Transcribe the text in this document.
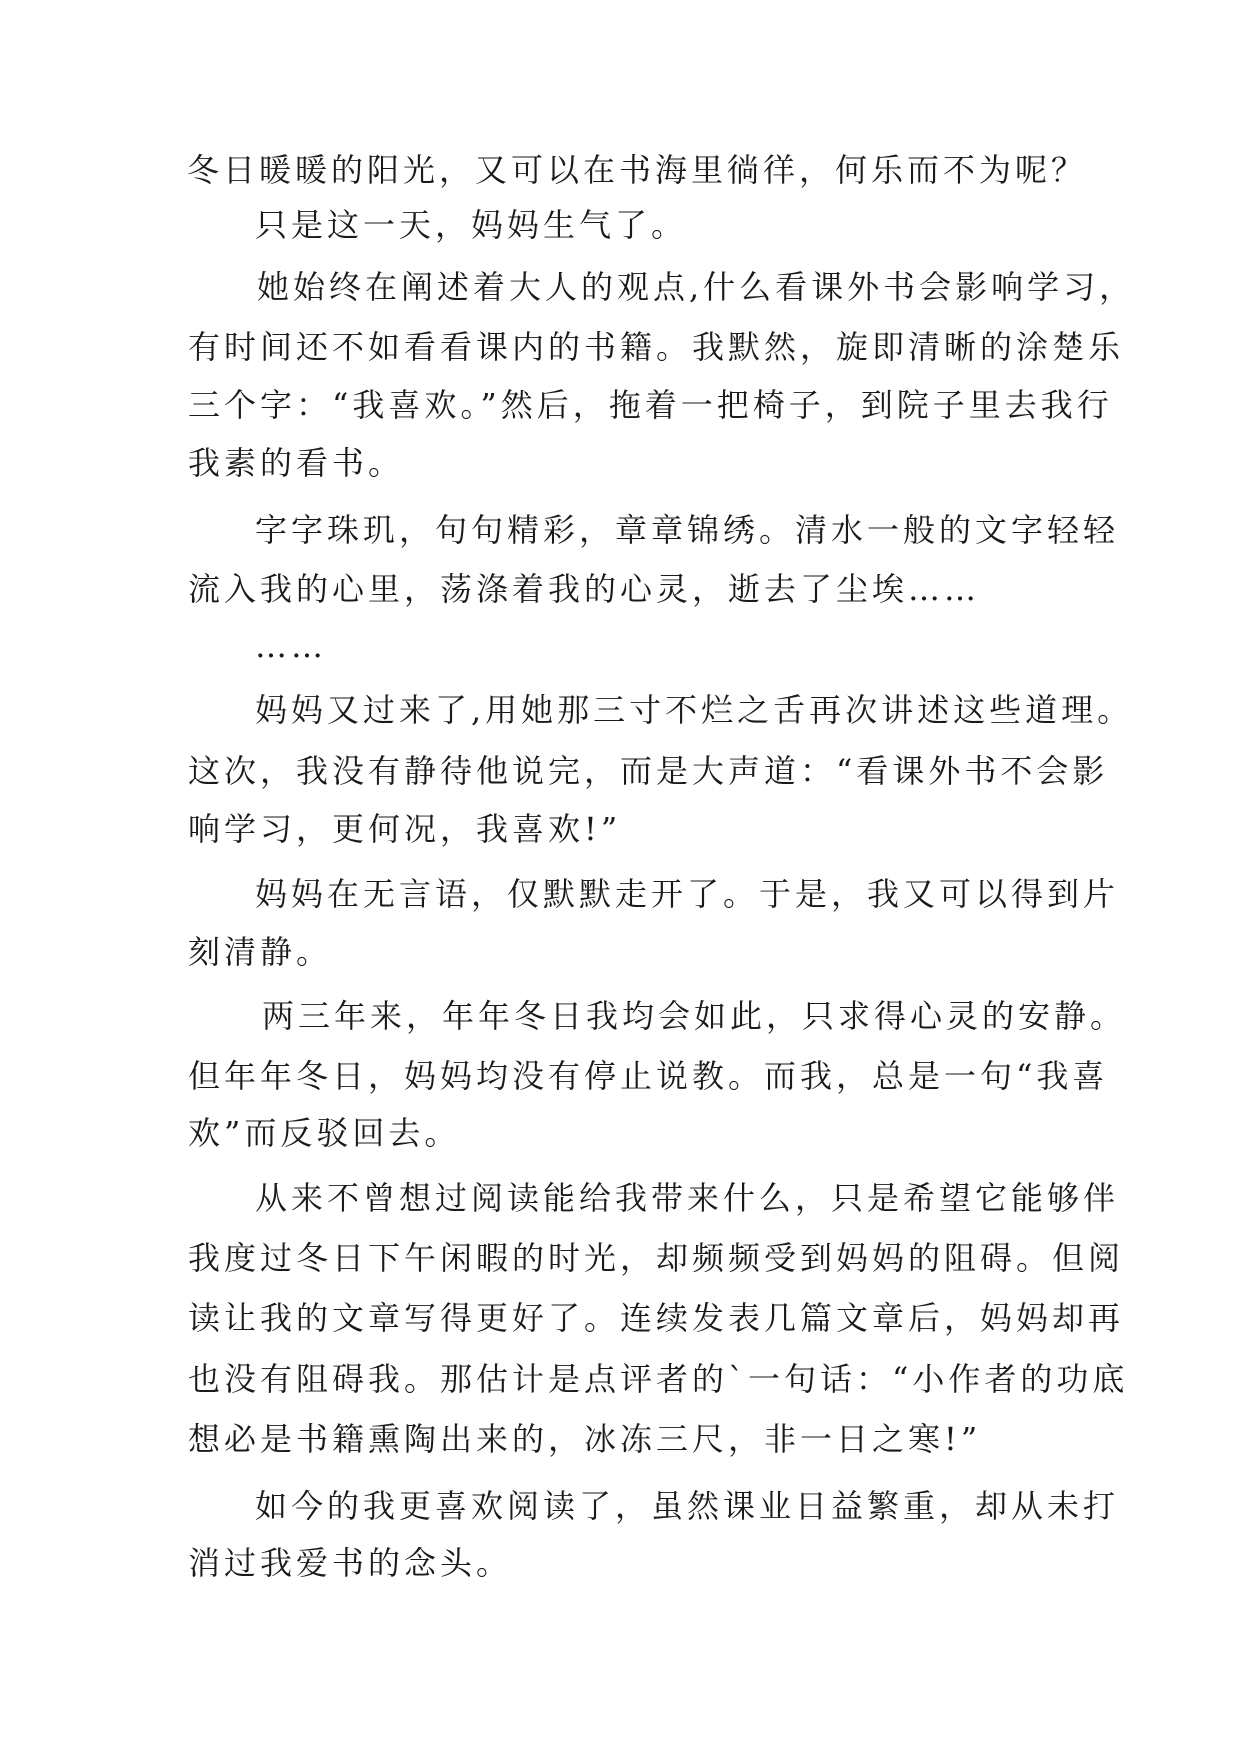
冬日暖暖的阳光，又可以在书海里徜徉，何乐而不为呢？
只是这一天，妈妈生气了。
她始终在阐述着大人的观点,什么看课外书会影响学习，
有时间还不如看看课内的书籍。我默然，旋即清晰的涂楚乐
三个字：“我喜欢。”然后，拖着一把椅子，到院子里去我行
我素的看书。
字字珠玑，句句精彩，章章锦绣。清水一般的文字轻轻
流入我的心里，荡涤着我的心灵，逝去了尘埃……
……
妈妈又过来了,用她那三寸不烂之舌再次讲述这些道理。
这次，我没有静待他说完，而是大声道：“看课外书不会影
响学习，更何况，我喜欢!”
妈妈在无言语，仅默默走开了。于是，我又可以得到片
刻清静。
两三年来，年年冬日我均会如此，只求得心灵的安静。
但年年冬日，妈妈均没有停止说教。而我，总是一句“我喜
欢”而反驳回去。
从来不曾想过阅读能给我带来什么，只是希望它能够伴
我度过冬日下午闲暇的时光，却频频受到妈妈的阻碍。但阅
读让我的文章写得更好了。连续发表几篇文章后，妈妈却再
也没有阻碍我。那估计是点评者的`一句话：“小作者的功底
想必是书籍熏陶出来的，冰冻三尺，非一日之寒!”
如今的我更喜欢阅读了，虽然课业日益繁重，却从未打
消过我爱书的念头。
